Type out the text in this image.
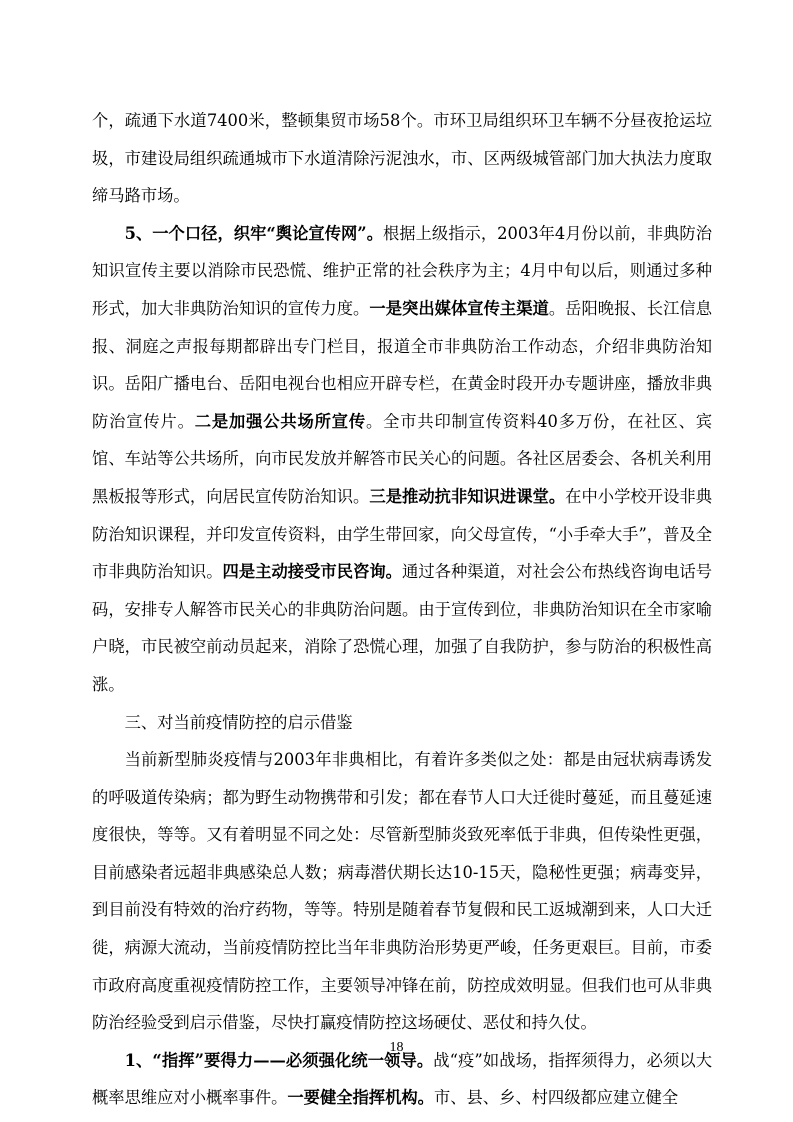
个，疏通下水道7400米，整顿集贸市场58个。市环卫局组织环卫车辆不分昼夜抢运垃圾，市建设局组织疏通城市下水道清除污泥浊水，市、区两级城管部门加大执法力度取缔马路市场。

5、一个口径，织牢“舆论宣传网”。根据上级指示，2003年4月份以前，非典防治知识宣传主要以消除市民恐慌、维护正常的社会秩序为主；4月中旬以后，则通过多种形式，加大非典防治知识的宣传力度。一是突出媒体宣传主渠道。岳阳晚报、长江信息报、洞庭之声报每期都辟出专门栏目，报道全市非典防治工作动态，介绍非典防治知识。岳阳广播电台、岳阳电视台也相应开辟专栏，在黄金时段开办专题讲座，播放非典防治宣传片。二是加强公共场所宣传。全市共印制宣传资料40多万份，在社区、宾馆、车站等公共场所，向市民发放并解答市民关心的问题。各社区居委会、各机关利用黑板报等形式，向居民宣传防治知识。三是推动抗非知识进课堂。在中小学校开设非典防治知识课程，并印发宣传资料，由学生带回家，向父母宣传，“小手牵大手”，普及全市非典防治知识。四是主动接受市民咨询。通过各种渠道，对社会公布热线咨询电话号码，安排专人解答市民关心的非典防治问题。由于宣传到位，非典防治知识在全市家喻户晓，市民被空前动员起来，消除了恐慌心理，加强了自我防护，参与防治的积极性高涨。

三、对当前疫情防控的启示借鉴

当前新型肺炎疫情与2003年非典相比，有着许多类似之处：都是由冠状病毒诱发的呼吸道传染病；都为野生动物携带和引发；都在春节人口大迁徙时蔓延，而且蔓延速度很快，等等。又有着明显不同之处：尽管新型肺炎致死率低于非典，但传染性更强，目前感染者远超非典感染总人数；病毒潜伏期长达10-15天，隐秘性更强；病毒变异，到目前没有特效的治疗药物，等等。特别是随着春节复假和民工返城潮到来，人口大迁徙，病源大流动，当前疫情防控比当年非典防治形势更严峻，任务更艰巨。目前，市委市政府高度重视疫情防控工作，主要领导冲锋在前，防控成效明显。但我们也可从非典防治经验受到启示借鉴，尽快打赢疫情防控这场硬仗、恶仗和持久仗。

1、“指挥”要得力——必须强化统一领导。战“疫”如战场，指挥须得力，必须以大概率思维应对小概率事件。一要健全指挥机构。市、县、乡、村四级都应建立健全

18
